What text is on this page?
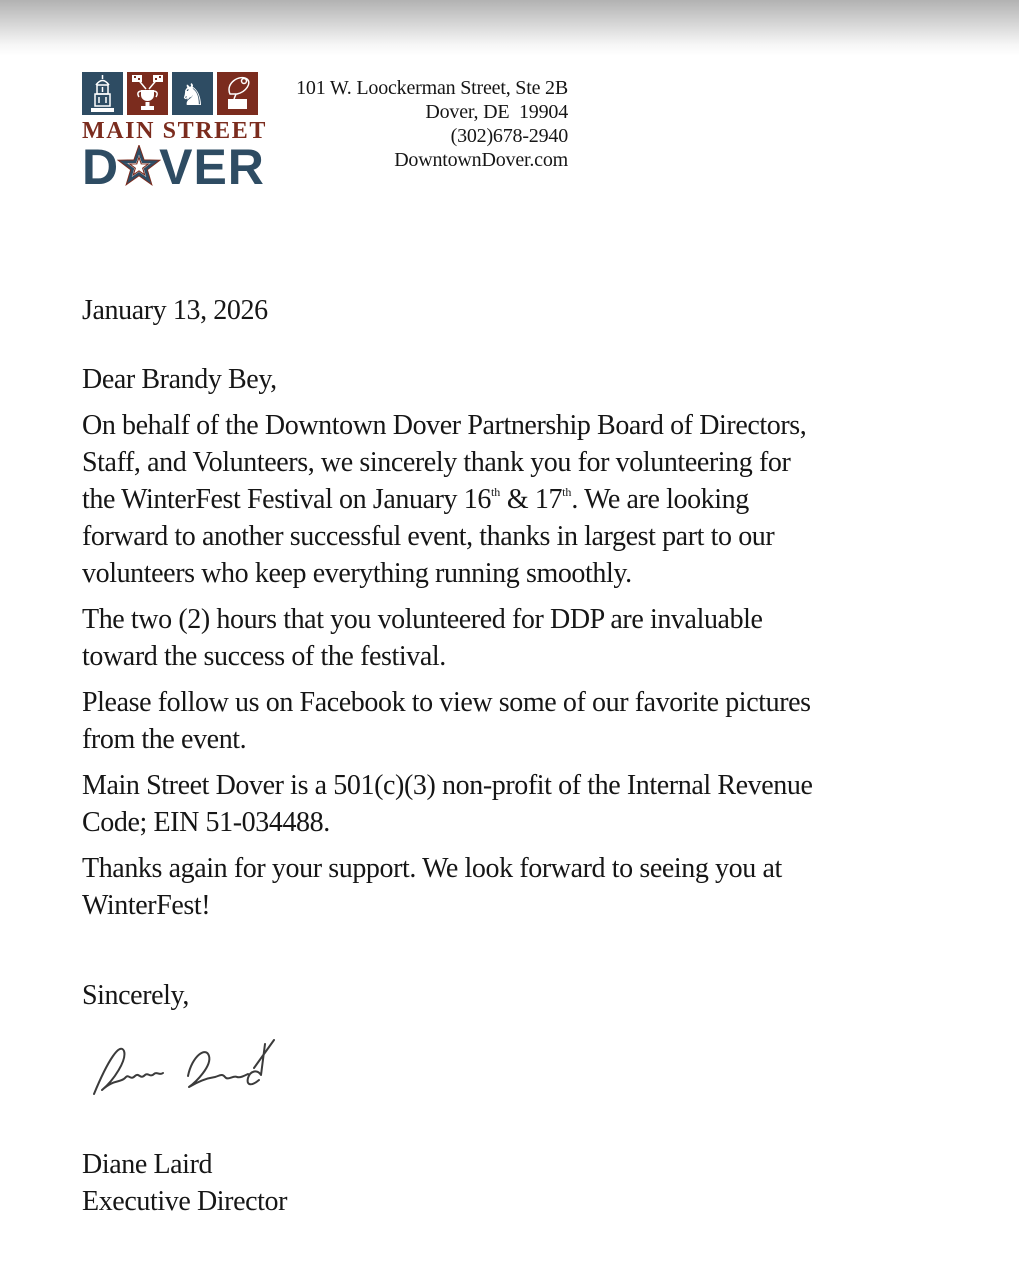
♞
MAIN STREET
D VER
101 W. Loockerman Street, Ste 2B
Dover, DE  19904
(302)678-2940
DowntownDover.com
January 13, 2026
Dear Brandy Bey,
On behalf of the Downtown Dover Partnership Board of Directors,
Staff, and Volunteers, we sincerely thank you for volunteering for
the WinterFest Festival on January 16th & 17th. We are looking
forward to another successful event, thanks in largest part to our
volunteers who keep everything running smoothly.
The two (2) hours that you volunteered for DDP are invaluable
toward the success of the festival.
Please follow us on Facebook to view some of our favorite pictures
from the event.
Main Street Dover is a 501(c)(3) non-profit of the Internal Revenue
Code; EIN 51-034488.
Thanks again for your support. We look forward to seeing you at
WinterFest!
Sincerely,
Diane Laird
Executive Director
